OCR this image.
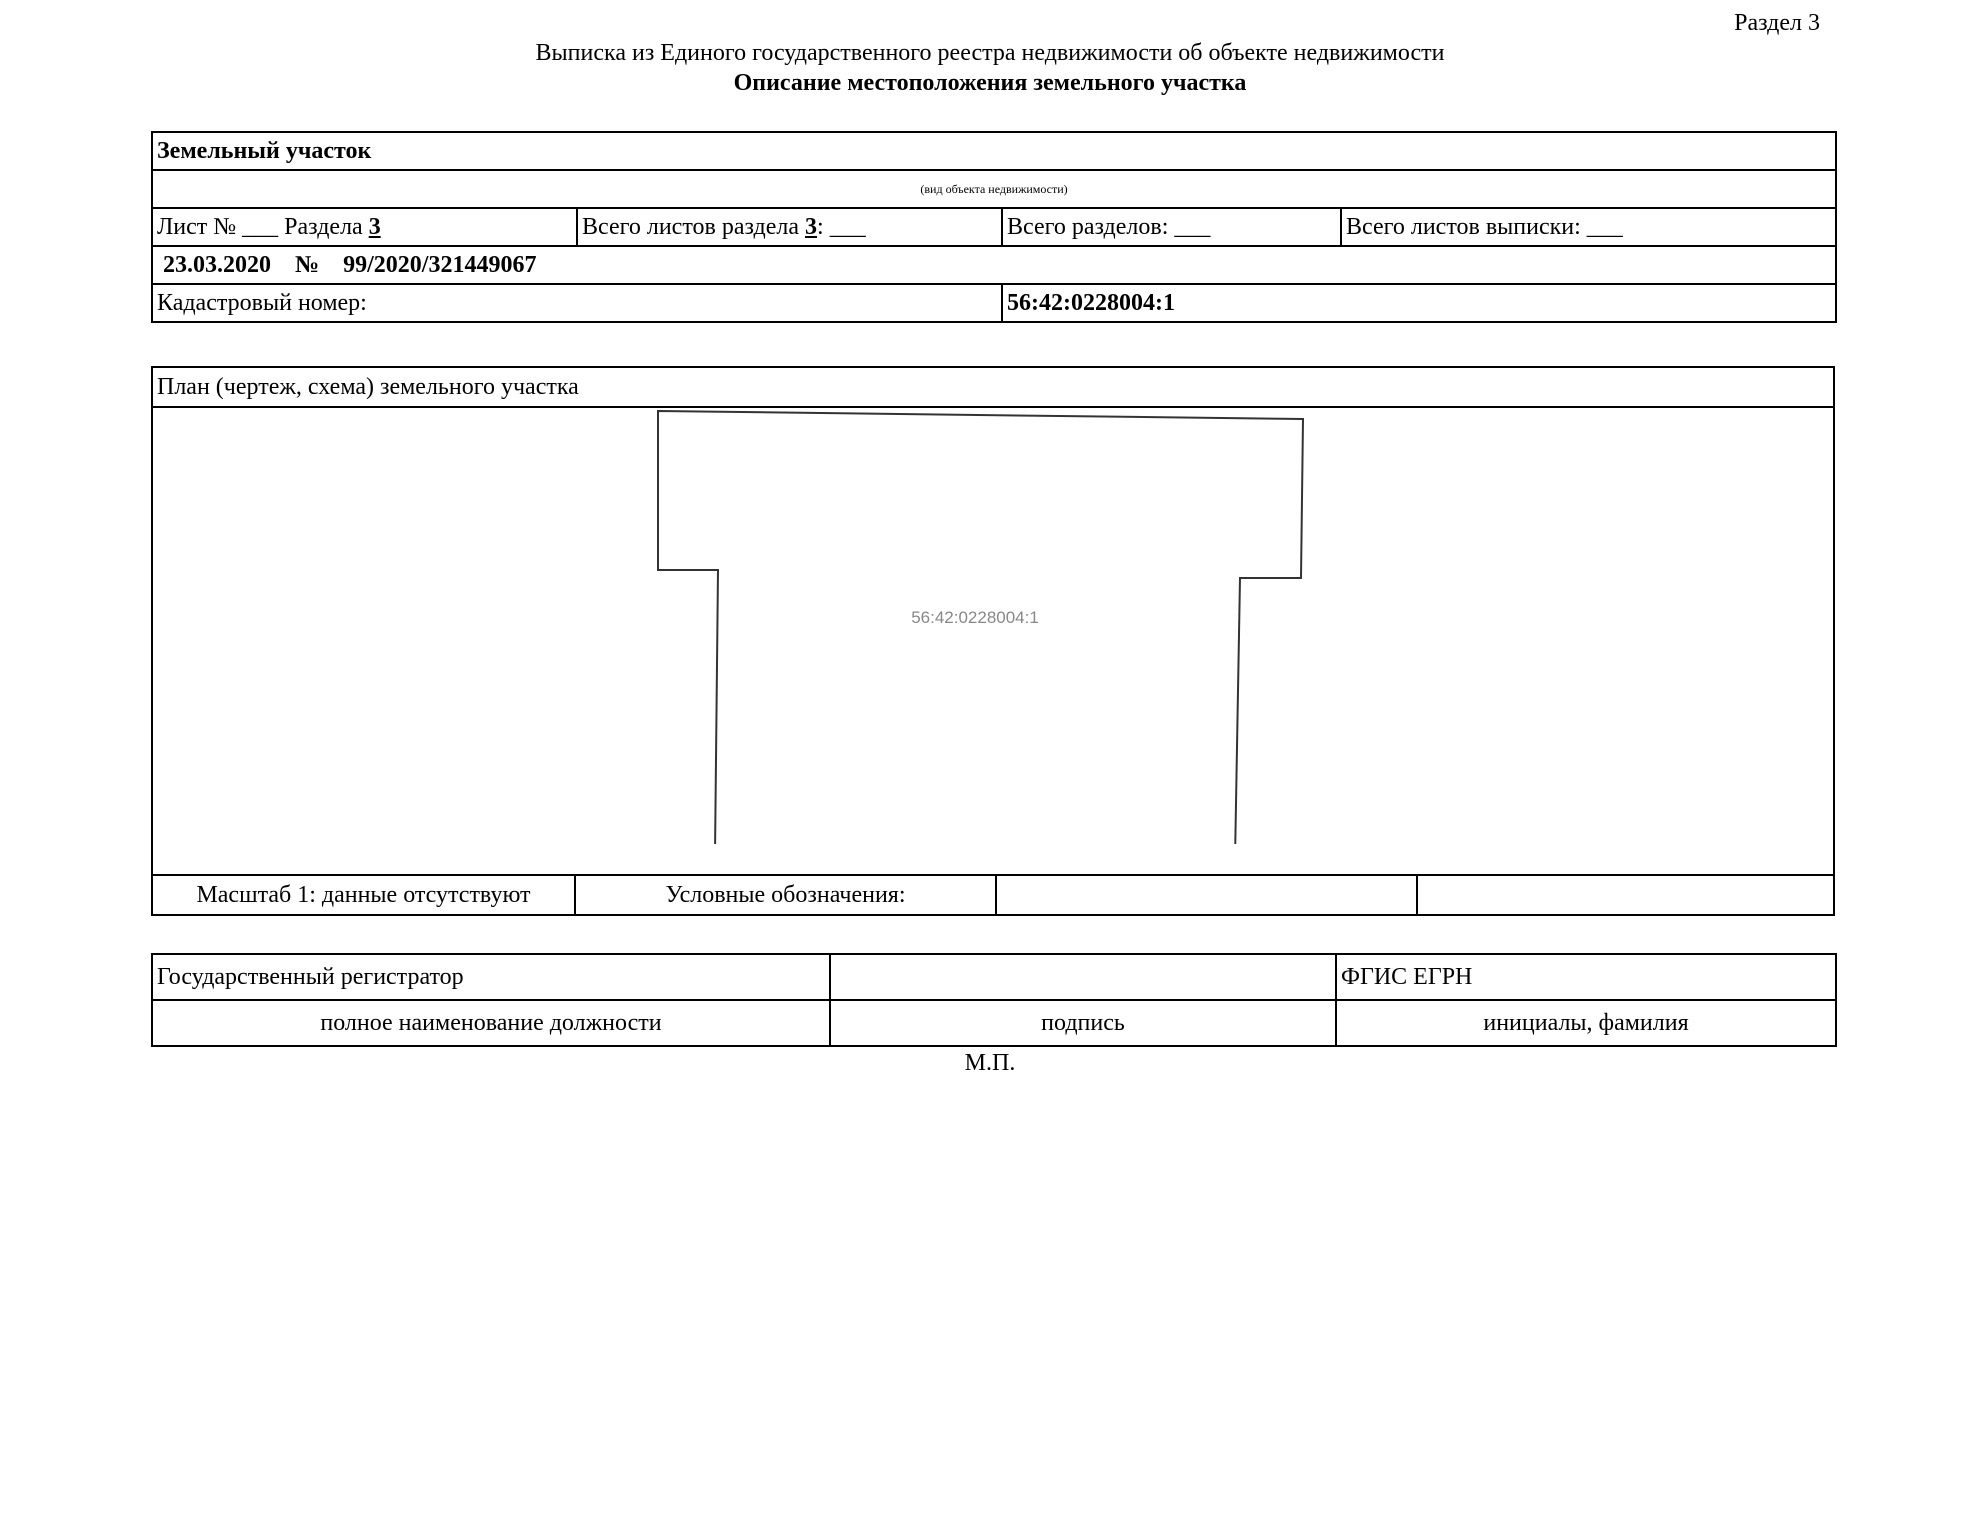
Раздел 3
Выписка из Единого государственного реестра недвижимости об объекте недвижимости
Описание местоположения земельного участка
Земельный участок			
(вид объекта недвижимости)			
Лист № ___ Раздела 3	Всего листов раздела 3: ___	Всего разделов: ___	Всего листов выписки: ___
23.03.2020 № 99/2020/321449067			
Кадастровый номер:		56:42:0228004:1	
План (чертеж, схема) земельного участка
56:42:0228004:1
Масштаб 1: данные отсутствуют	Условные обозначения:
Государственный регистратор		ФГИС ЕГРН
полное наименование должности	подпись	инициалы, фамилия
М.П.
